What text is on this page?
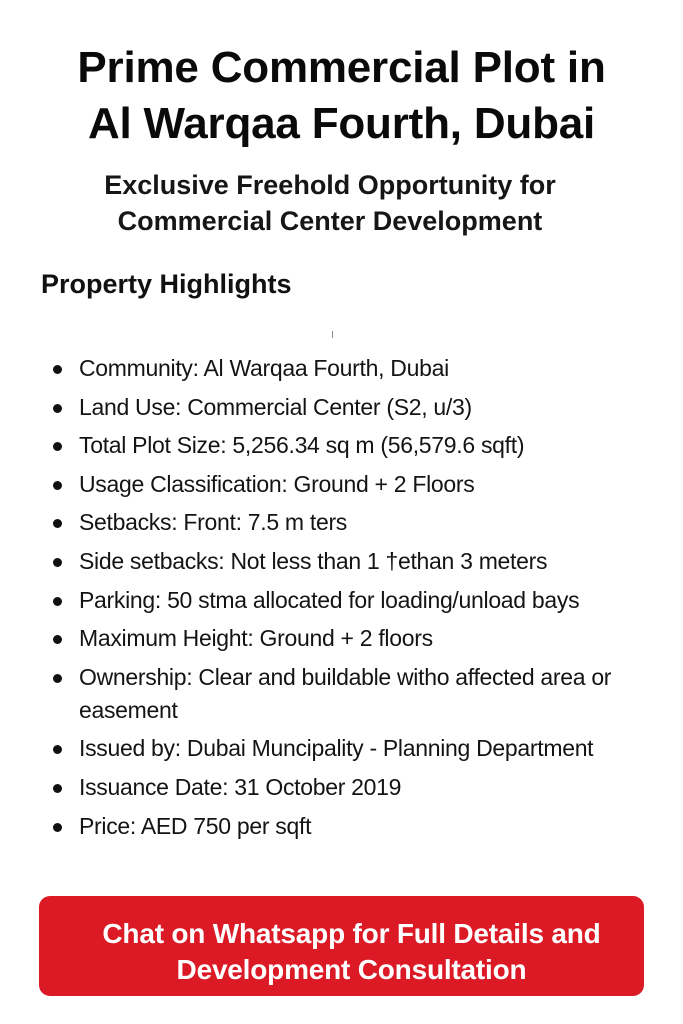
Prime Commercial Plot in
Al Warqaa Fourth, Dubai
Exclusive Freehold Opportunity for
Commercial Center Development
Property Highlights
Community: Al Warqaa Fourth, Dubai
Land Use: Commercial Center (S2, u/3)
Total Plot Size: 5,256.34 sq m (56,579.6 sqft)
Usage Classification: Ground + 2 Floors
Setbacks: Front: 7.5 m ters
Side setbacks: Not less than 1 †ethan 3 meters
Parking: 50 stma allocated for loading/unload bays
Maximum Height: Ground + 2 floors
Ownership: Clear and buildable witho affected area or easement
Issued by: Dubai Muncipality - Planning Department
Issuance Date: 31 October 2019
Price: AED 750 per sqft
Chat on Whatsapp for Full Details and
Development Consultation
